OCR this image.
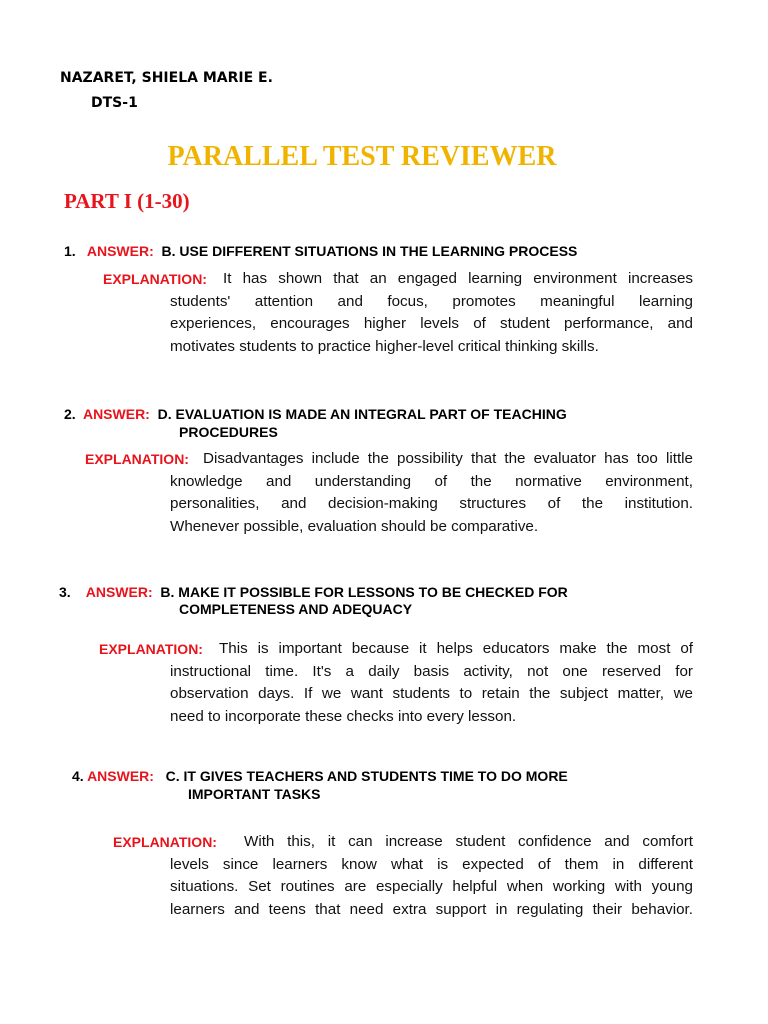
NAZARET, SHIELA MARIE E.
DTS-1
PARALLEL TEST REVIEWER
PART I (1-30)
1. ANSWER: B. USE DIFFERENT SITUATIONS IN THE LEARNING PROCESS
EXPLANATION: It has shown that an engaged learning environment increases
students' attention and focus, promotes meaningful learning
experiences, encourages higher levels of student performance, and
motivates students to practice higher-level critical thinking skills.
2. ANSWER: D. EVALUATION IS MADE AN INTEGRAL PART OF TEACHING
PROCEDURES
EXPLANATION: Disadvantages include the possibility that the evaluator has too little
knowledge and understanding of the normative environment,
personalities, and decision-making structures of the institution.
Whenever possible, evaluation should be comparative.
3. ANSWER: B. MAKE IT POSSIBLE FOR LESSONS TO BE CHECKED FOR
COMPLETENESS AND ADEQUACY
EXPLANATION: This is important because it helps educators make the most of
instructional time. It's a daily basis activity, not one reserved for
observation days. If we want students to retain the subject matter, we
need to incorporate these checks into every lesson.
4. ANSWER: C. IT GIVES TEACHERS AND STUDENTS TIME TO DO MORE
IMPORTANT TASKS
EXPLANATION: With this, it can increase student confidence and comfort
levels since learners know what is expected of them in different
situations. Set routines are especially helpful when working with young
learners and teens that need extra support in regulating their behavior.
